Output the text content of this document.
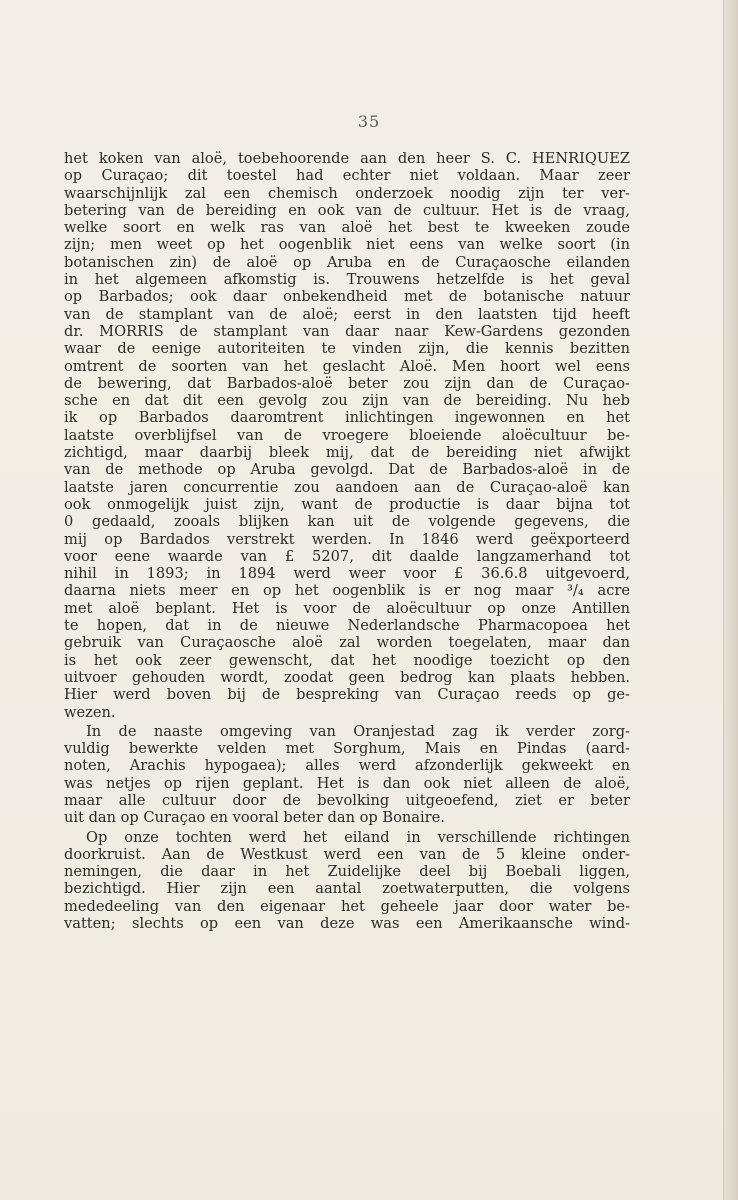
35
het koken van aloë, toebehoorende aan den heer S. C. HENRIQUEZ
op Curaçao; dit toestel had echter niet voldaan. Maar zeer
waarschijnlijk zal een chemisch onderzoek noodig zijn ter ver-
betering van de bereiding en ook van de cultuur. Het is de vraag,
welke soort en welk ras van aloë het best te kweeken zoude
zijn; men weet op het oogenblik niet eens van welke soort (in
botanischen zin) de aloë op Aruba en de Curaçaosche eilanden
in het algemeen afkomstig is. Trouwens hetzelfde is het geval
op Barbados; ook daar onbekendheid met de botanische natuur
van de stamplant van de aloë; eerst in den laatsten tijd heeft
dr. MORRIS de stamplant van daar naar Kew-Gardens gezonden
waar de eenige autoriteiten te vinden zijn, die kennis bezitten
omtrent de soorten van het geslacht Aloë. Men hoort wel eens
de bewering, dat Barbados-aloë beter zou zijn dan de Curaçao-
sche en dat dit een gevolg zou zijn van de bereiding. Nu heb
ik op Barbados daaromtrent inlichtingen ingewonnen en het
laatste overblijfsel van de vroegere bloeiende aloëcultuur be-
zichtigd, maar daarbij bleek mij, dat de bereiding niet afwijkt
van de methode op Aruba gevolgd. Dat de Barbados-aloë in de
laatste jaren concurrentie zou aandoen aan de Curaçao-aloë kan
ook onmogelijk juist zijn, want de productie is daar bijna tot
0 gedaald, zooals blijken kan uit de volgende gegevens, die
mij op Bardados verstrekt werden. In 1846 werd geëxporteerd
voor eene waarde van £ 5207, dit daalde langzamerhand tot
nihil in 1893; in 1894 werd weer voor £ 36.6.8 uitgevoerd,
daarna niets meer en op het oogenblik is er nog maar ³/₄ acre
met aloë beplant. Het is voor de aloëcultuur op onze Antillen
te hopen, dat in de nieuwe Nederlandsche Pharmacopoea het
gebruik van Curaçaosche aloë zal worden toegelaten, maar dan
is het ook zeer gewenscht, dat het noodige toezicht op den
uitvoer gehouden wordt, zoodat geen bedrog kan plaats hebben.
Hier werd boven bij de bespreking van Curaçao reeds op ge-
wezen.
In de naaste omgeving van Oranjestad zag ik verder zorg-
vuldig bewerkte velden met Sorghum, Mais en Pindas (aard-
noten, Arachis hypogaea); alles werd afzonderlijk gekweekt en
was netjes op rijen geplant. Het is dan ook niet alleen de aloë,
maar alle cultuur door de bevolking uitgeoefend, ziet er beter
uit dan op Curaçao en vooral beter dan op Bonaire.
Op onze tochten werd het eiland in verschillende richtingen
doorkruist. Aan de Westkust werd een van de 5 kleine onder-
nemingen, die daar in het Zuidelijke deel bij Boebali liggen,
bezichtigd. Hier zijn een aantal zoetwaterputten, die volgens
mededeeling van den eigenaar het geheele jaar door water be-
vatten; slechts op een van deze was een Amerikaansche wind-
